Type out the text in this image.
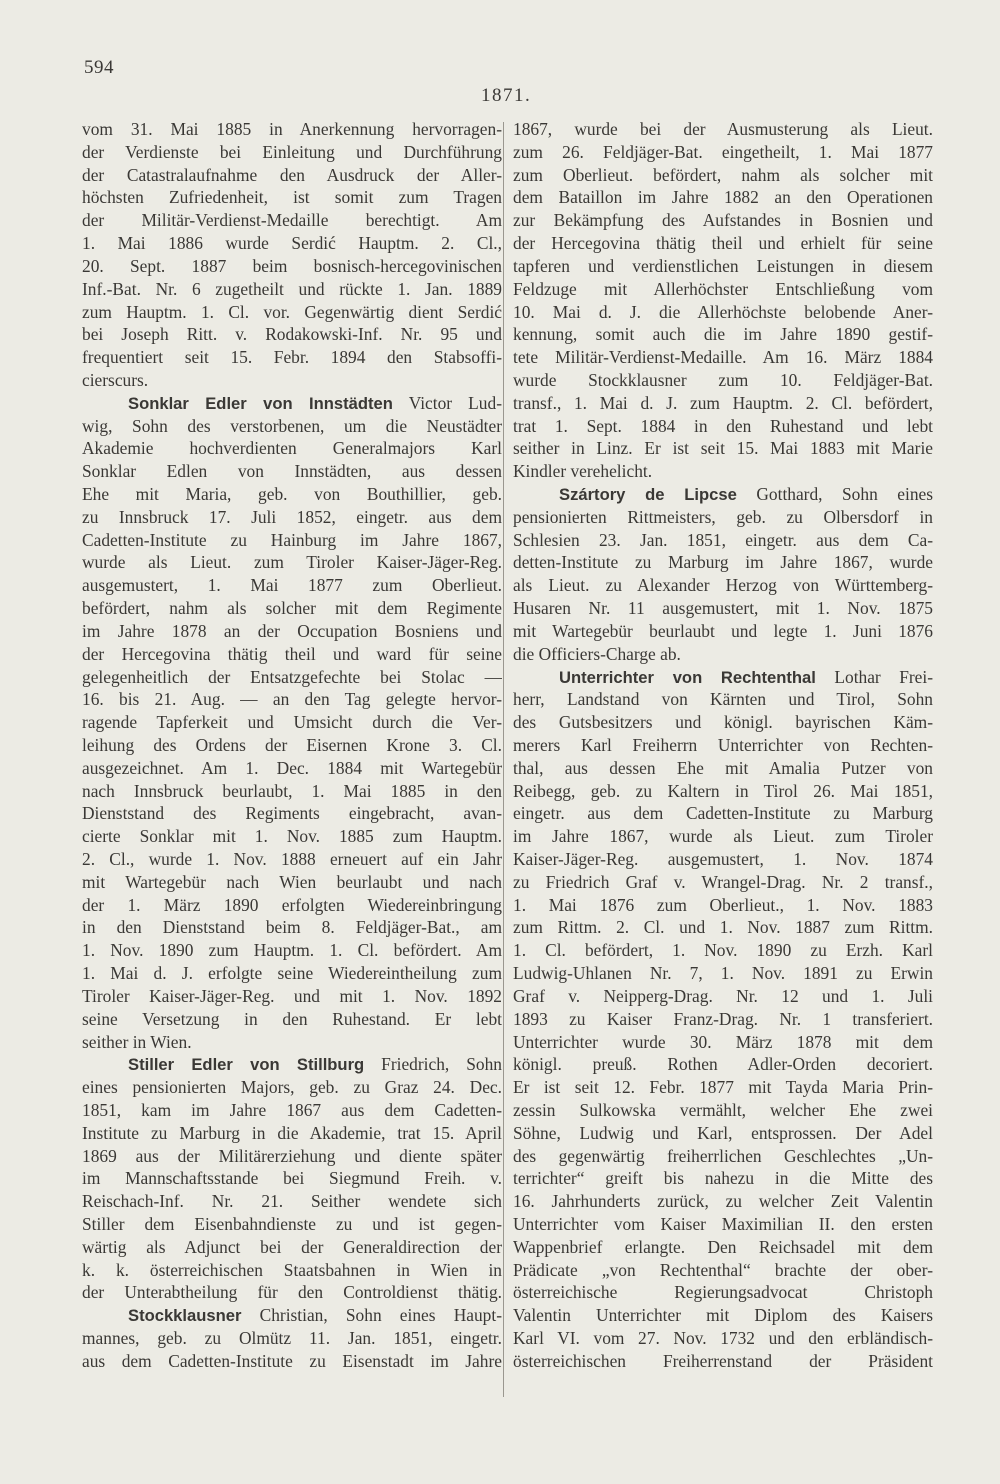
594
1871.
vom 31. Mai 1885 in Anerkennung hervorragen-
der Verdienste bei Einleitung und Durchführung
der Catastralaufnahme den Ausdruck der Aller-
höchsten Zufriedenheit, ist somit zum Tragen
der Militär-Verdienst-Medaille berechtigt. Am
1. Mai 1886 wurde Serdić Hauptm. 2. Cl.,
20. Sept. 1887 beim bosnisch-hercegovinischen
Inf.-Bat. Nr. 6 zugetheilt und rückte 1. Jan. 1889
zum Hauptm. 1. Cl. vor. Gegenwärtig dient Serdić
bei Joseph Ritt. v. Rodakowski-Inf. Nr. 95 und
frequentiert seit 15. Febr. 1894 den Stabsoffi-
cierscurs.
Sonklar Edler von Innstädten Victor Lud-
wig, Sohn des verstorbenen, um die Neustädter
Akademie hochverdienten Generalmajors Karl
Sonklar Edlen von Innstädten, aus dessen
Ehe mit Maria, geb. von Bouthillier, geb.
zu Innsbruck 17. Juli 1852, eingetr. aus dem
Cadetten-Institute zu Hainburg im Jahre 1867,
wurde als Lieut. zum Tiroler Kaiser-Jäger-Reg.
ausgemustert, 1. Mai 1877 zum Oberlieut.
befördert, nahm als solcher mit dem Regimente
im Jahre 1878 an der Occupation Bosniens und
der Hercegovina thätig theil und ward für seine
gelegenheitlich der Entsatzgefechte bei Stolac —
16. bis 21. Aug. — an den Tag gelegte hervor-
ragende Tapferkeit und Umsicht durch die Ver-
leihung des Ordens der Eisernen Krone 3. Cl.
ausgezeichnet. Am 1. Dec. 1884 mit Wartegebür
nach Innsbruck beurlaubt, 1. Mai 1885 in den
Dienststand des Regiments eingebracht, avan-
cierte Sonklar mit 1. Nov. 1885 zum Hauptm.
2. Cl., wurde 1. Nov. 1888 erneuert auf ein Jahr
mit Wartegebür nach Wien beurlaubt und nach
der 1. März 1890 erfolgten Wiedereinbringung
in den Dienststand beim 8. Feldjäger-Bat., am
1. Nov. 1890 zum Hauptm. 1. Cl. befördert. Am
1. Mai d. J. erfolgte seine Wiedereintheilung zum
Tiroler Kaiser-Jäger-Reg. und mit 1. Nov. 1892
seine Versetzung in den Ruhestand. Er lebt
seither in Wien.
Stiller Edler von Stillburg Friedrich, Sohn
eines pensionierten Majors, geb. zu Graz 24. Dec.
1851, kam im Jahre 1867 aus dem Cadetten-
Institute zu Marburg in die Akademie, trat 15. April
1869 aus der Militärerziehung und diente später
im Mannschaftsstande bei Siegmund Freih. v.
Reischach-Inf. Nr. 21. Seither wendete sich
Stiller dem Eisenbahndienste zu und ist gegen-
wärtig als Adjunct bei der Generaldirection der
k. k. österreichischen Staatsbahnen in Wien in
der Unterabtheilung für den Controldienst thätig.
Stockklausner Christian, Sohn eines Haupt-
mannes, geb. zu Olmütz 11. Jan. 1851, eingetr.
aus dem Cadetten-Institute zu Eisenstadt im Jahre
1867, wurde bei der Ausmusterung als Lieut.
zum 26. Feldjäger-Bat. eingetheilt, 1. Mai 1877
zum Oberlieut. befördert, nahm als solcher mit
dem Bataillon im Jahre 1882 an den Operationen
zur Bekämpfung des Aufstandes in Bosnien und
der Hercegovina thätig theil und erhielt für seine
tapferen und verdienstlichen Leistungen in diesem
Feldzuge mit Allerhöchster Entschließung vom
10. Mai d. J. die Allerhöchste belobende Aner-
kennung, somit auch die im Jahre 1890 gestif-
tete Militär-Verdienst-Medaille. Am 16. März 1884
wurde Stockklausner zum 10. Feldjäger-Bat.
transf., 1. Mai d. J. zum Hauptm. 2. Cl. befördert,
trat 1. Sept. 1884 in den Ruhestand und lebt
seither in Linz. Er ist seit 15. Mai 1883 mit Marie
Kindler verehelicht.
Szártory de Lipcse Gotthard, Sohn eines
pensionierten Rittmeisters, geb. zu Olbersdorf in
Schlesien 23. Jan. 1851, eingetr. aus dem Ca-
detten-Institute zu Marburg im Jahre 1867, wurde
als Lieut. zu Alexander Herzog von Württemberg-
Husaren Nr. 11 ausgemustert, mit 1. Nov. 1875
mit Wartegebür beurlaubt und legte 1. Juni 1876
die Officiers-Charge ab.
Unterrichter von Rechtenthal Lothar Frei-
herr, Landstand von Kärnten und Tirol, Sohn
des Gutsbesitzers und königl. bayrischen Käm-
merers Karl Freiherrn Unterrichter von Rechten-
thal, aus dessen Ehe mit Amalia Putzer von
Reibegg, geb. zu Kaltern in Tirol 26. Mai 1851,
eingetr. aus dem Cadetten-Institute zu Marburg
im Jahre 1867, wurde als Lieut. zum Tiroler
Kaiser-Jäger-Reg. ausgemustert, 1. Nov. 1874
zu Friedrich Graf v. Wrangel-Drag. Nr. 2 transf.,
1. Mai 1876 zum Oberlieut., 1. Nov. 1883
zum Rittm. 2. Cl. und 1. Nov. 1887 zum Rittm.
1. Cl. befördert, 1. Nov. 1890 zu Erzh. Karl
Ludwig-Uhlanen Nr. 7, 1. Nov. 1891 zu Erwin
Graf v. Neipperg-Drag. Nr. 12 und 1. Juli
1893 zu Kaiser Franz-Drag. Nr. 1 transferiert.
Unterrichter wurde 30. März 1878 mit dem
königl. preuß. Rothen Adler-Orden decoriert.
Er ist seit 12. Febr. 1877 mit Tayda Maria Prin-
zessin Sulkowska vermählt, welcher Ehe zwei
Söhne, Ludwig und Karl, entsprossen. Der Adel
des gegenwärtig freiherrlichen Geschlechtes „Un-
terrichter“ greift bis nahezu in die Mitte des
16. Jahrhunderts zurück, zu welcher Zeit Valentin
Unterrichter vom Kaiser Maximilian II. den ersten
Wappenbrief erlangte. Den Reichsadel mit dem
Prädicate „von Rechtenthal“ brachte der ober-
österreichische Regierungsadvocat Christoph
Valentin Unterrichter mit Diplom des Kaisers
Karl VI. vom 27. Nov. 1732 und den erbländisch-
österreichischen Freiherrenstand der Präsident
